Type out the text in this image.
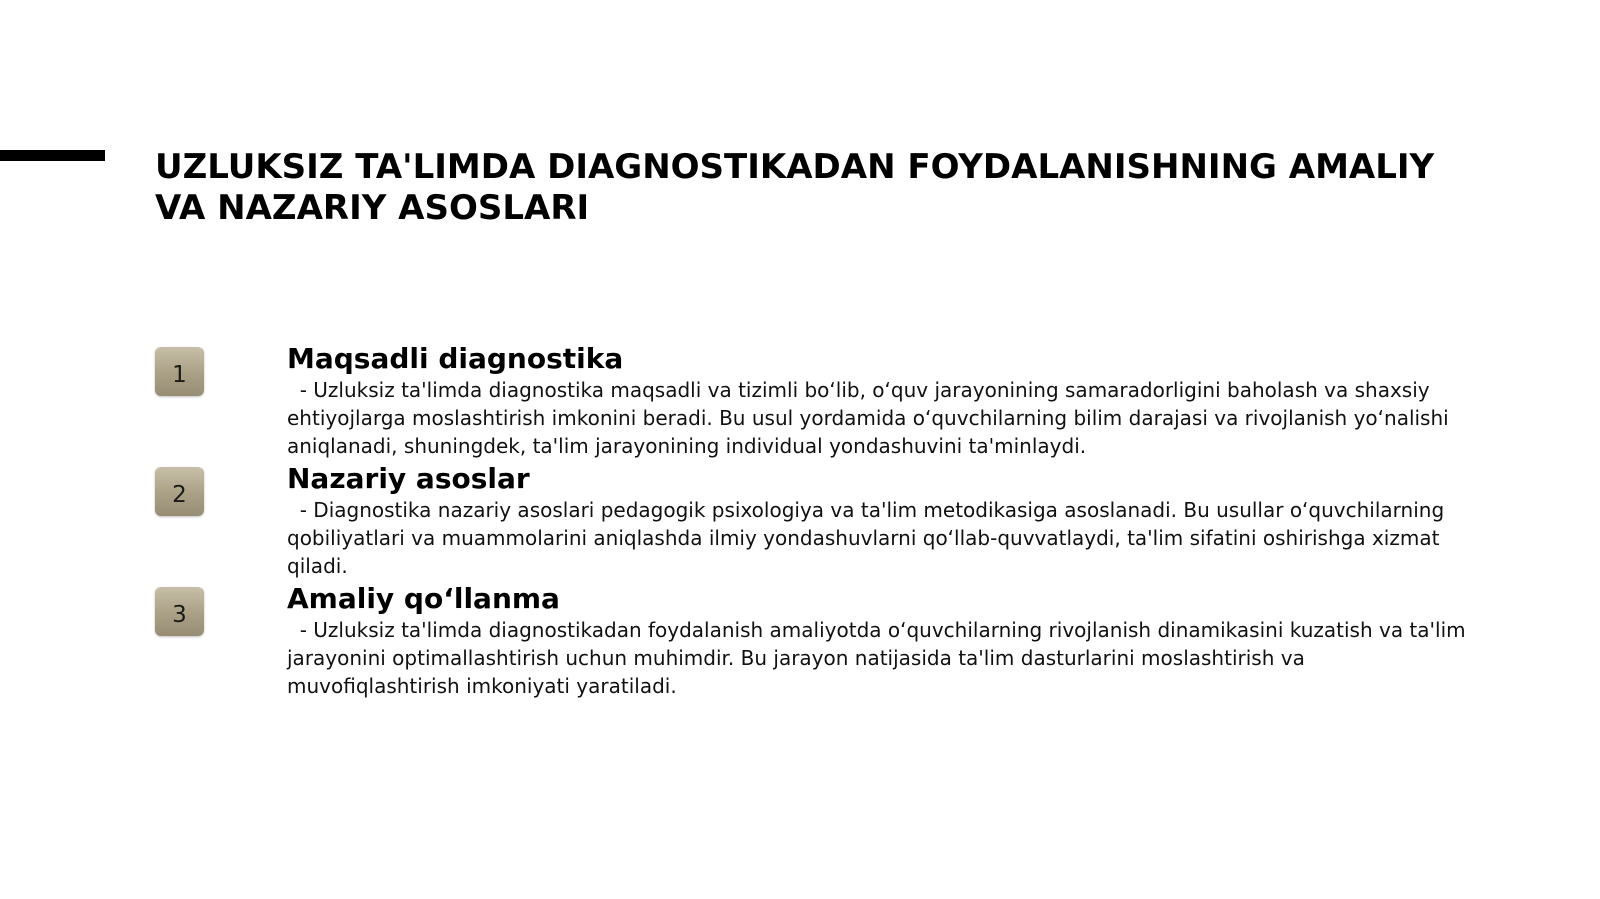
UZLUKSIZ TA'LIMDA DIAGNOSTIKADAN FOYDALANISHNING AMALIY VA NAZARIY ASOSLARI
1	Maqsadli diagnostika

- Uzluksiz ta'limda diagnostika maqsadli va tizimli bo‘lib, o‘quv jarayonining samaradorligini baholash va shaxsiy ehtiyojlarga moslashtirish imkonini beradi. Bu usul yordamida o‘quvchilarning bilim darajasi va rivojlanish yo‘nalishi aniqlanadi, shuningdek, ta'lim jarayonining individual yondashuvini ta'minlaydi.

2	Nazariy asoslar

- Diagnostika nazariy asoslari pedagogik psixologiya va ta'lim metodikasiga asoslanadi. Bu usullar o‘quvchilarning qobiliyatlari va muammolarini aniqlashda ilmiy yondashuvlarni qo‘llab-quvvatlaydi, ta'lim sifatini oshirishga xizmat qiladi.

3	Amaliy qo‘llanma

- Uzluksiz ta'limda diagnostikadan foydalanish amaliyotda o‘quvchilarning rivojlanish dinamikasini kuzatish va ta'lim jarayonini optimallashtirish uchun muhimdir. Bu jarayon natijasida ta'lim dasturlarini moslashtirish va muvofiqlashtirish imkoniyati yaratiladi.
